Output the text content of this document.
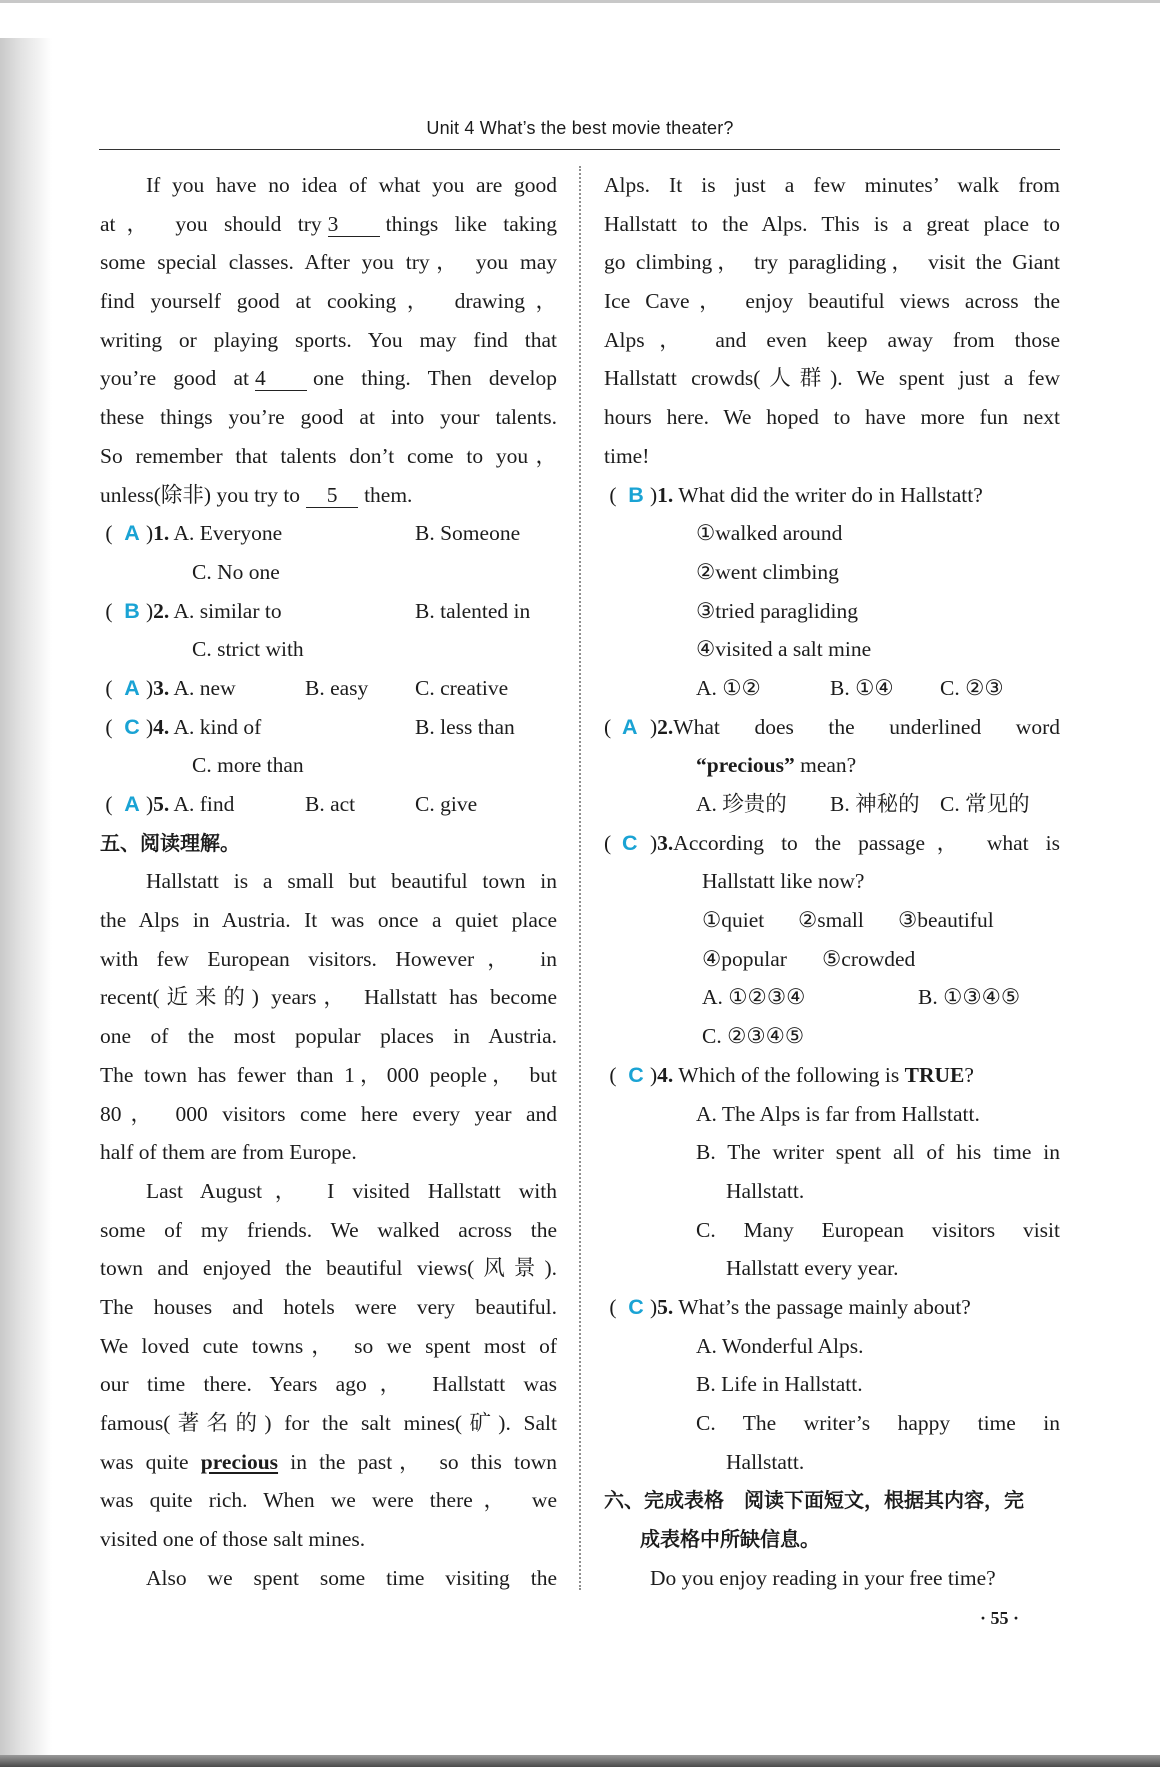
Unit 4 What’s the best movie theater?
If you have no idea of what you are good
at， you should try 3 things like taking
some special classes. After you try， you may
find yourself good at cooking， drawing，
writing or playing sports. You may find that
you’re good at 4 one thing. Then develop
these things you’re good at into your talents.
So remember that talents don’t come to you，
unless(除非) you try to 5 them.
( A )1. A. Everyone	B. Someone
C. No one
( B )2. A. similar to	B. talented in
C. strict with
( A )3. A. new	B. easy C. creative
( C )4. A. kind of	B. less than
C. more than
( A )5. A. find	B. act	C. give
五、阅读理解。
Hallstatt is a small but beautiful town in
the Alps in Austria. It was once a quiet place
with few European visitors. However， in
recent(近来的) years， Hallstatt has become
one of the most popular places in Austria.
The town has fewer than 1，000 people， but
80， 000 visitors come here every year and
half of them are from Europe.
Last August， I visited Hallstatt with
some of my friends. We walked across the
town and enjoyed the beautiful views(风景).
The houses and hotels were very beautiful.
We loved cute towns， so we spent most of
our time there. Years ago， Hallstatt was
famous(著名的) for the salt mines(矿). Salt
was quite precious in the past， so this town
was quite rich. When we were there， we
visited one of those salt mines.
Also we spent some time visiting the
Alps. It is just a few minutes’ walk from
Hallstatt to the Alps. This is a great place to
go climbing， try paragliding， visit the Giant
Ice Cave， enjoy beautiful views across the
Alps， and even keep away from those
Hallstatt crowds(人群). We spent just a few
hours here. We hoped to have more fun next
time!
( B )1. What did the writer do in Hallstatt?
①walked around
②went climbing
③tried paragliding
④visited a salt mine
A. ①②	B. ①④ C. ②③
( A )2.What does the underlined word
“precious” mean?
A. 珍贵的 B. 神秘的 C. 常见的
( C )3.According to the passage， what is
Hallstatt like now?
①quiet ②small ③beautiful
④popular ⑤crowded
A. ①②③④	B. ①③④⑤
C. ②③④⑤
( C )4. Which of the following is TRUE?
A. The Alps is far from Hallstatt.
B. The writer spent all of his time in
Hallstatt.
C. Many European visitors visit
Hallstatt every year.
( C )5. What’s the passage mainly about?
A. Wonderful Alps.
B. Life in Hallstatt.
C. The writer’s happy time in
Hallstatt.
六、完成表格　阅读下面短文，根据其内容，完
成表格中所缺信息。
Do you enjoy reading in your free time?
· 55 ·
